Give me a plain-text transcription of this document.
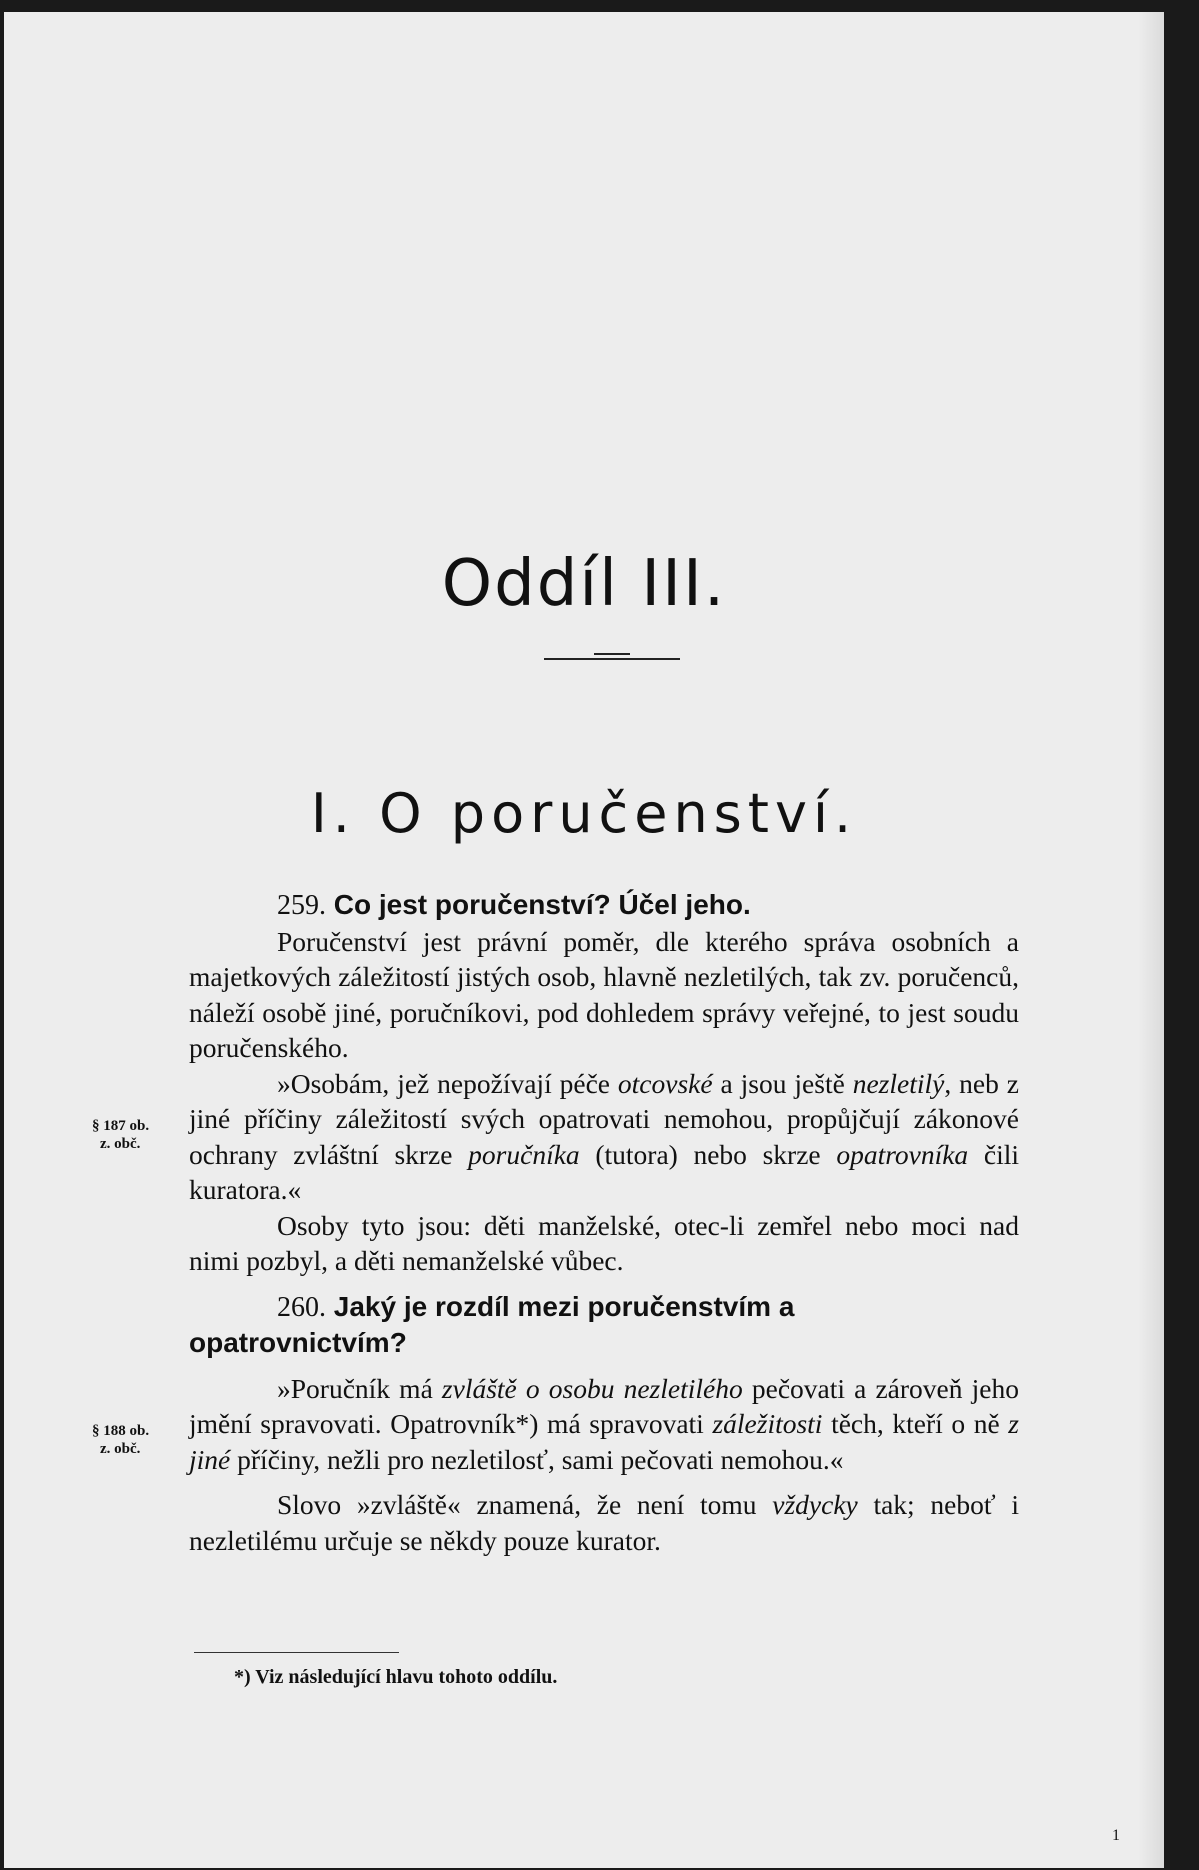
Oddíl III.
I. O poručenství.
§ 187 ob.
z. obč.
§ 188 ob.
z. obč.
259. Co jest poručenství? Účel jeho.

Poručenství jest právní poměr, dle kterého správa osobních a majetkových záležitostí jistých osob, hlavně nezletilých, tak zv. poručenců, náleží osobě jiné, poručníkovi, pod dohledem správy veřejné, to jest soudu poručenského.

»Osobám, jež nepožívají péče otcovské a jsou ještě nezletilý, neb z jiné příčiny záležitostí svých opatrovati nemohou, propůjčují zákonové ochrany zvláštní skrze poručníka (tutora) nebo skrze opatrovníka čili kuratora.«

Osoby tyto jsou: děti manželské, otec-li zemřel nebo moci nad nimi pozbyl, a děti nemanželské vůbec.

260. Jaký je rozdíl mezi poručenstvím a opatrovnictvím?

»Poručník má zvláště o osobu nezletilého pečovati a zároveň jeho jmění spravovati. Opatrovník*) má spravovati záležitosti těch, kteří o ně z jiné příčiny, nežli pro nezletilosť, sami pečovati nemohou.«

Slovo »zvláště« znamená, že není tomu vždycky tak; neboť i nezletilému určuje se někdy pouze kurator.

*) Viz následující hlavu tohoto oddílu.
1
